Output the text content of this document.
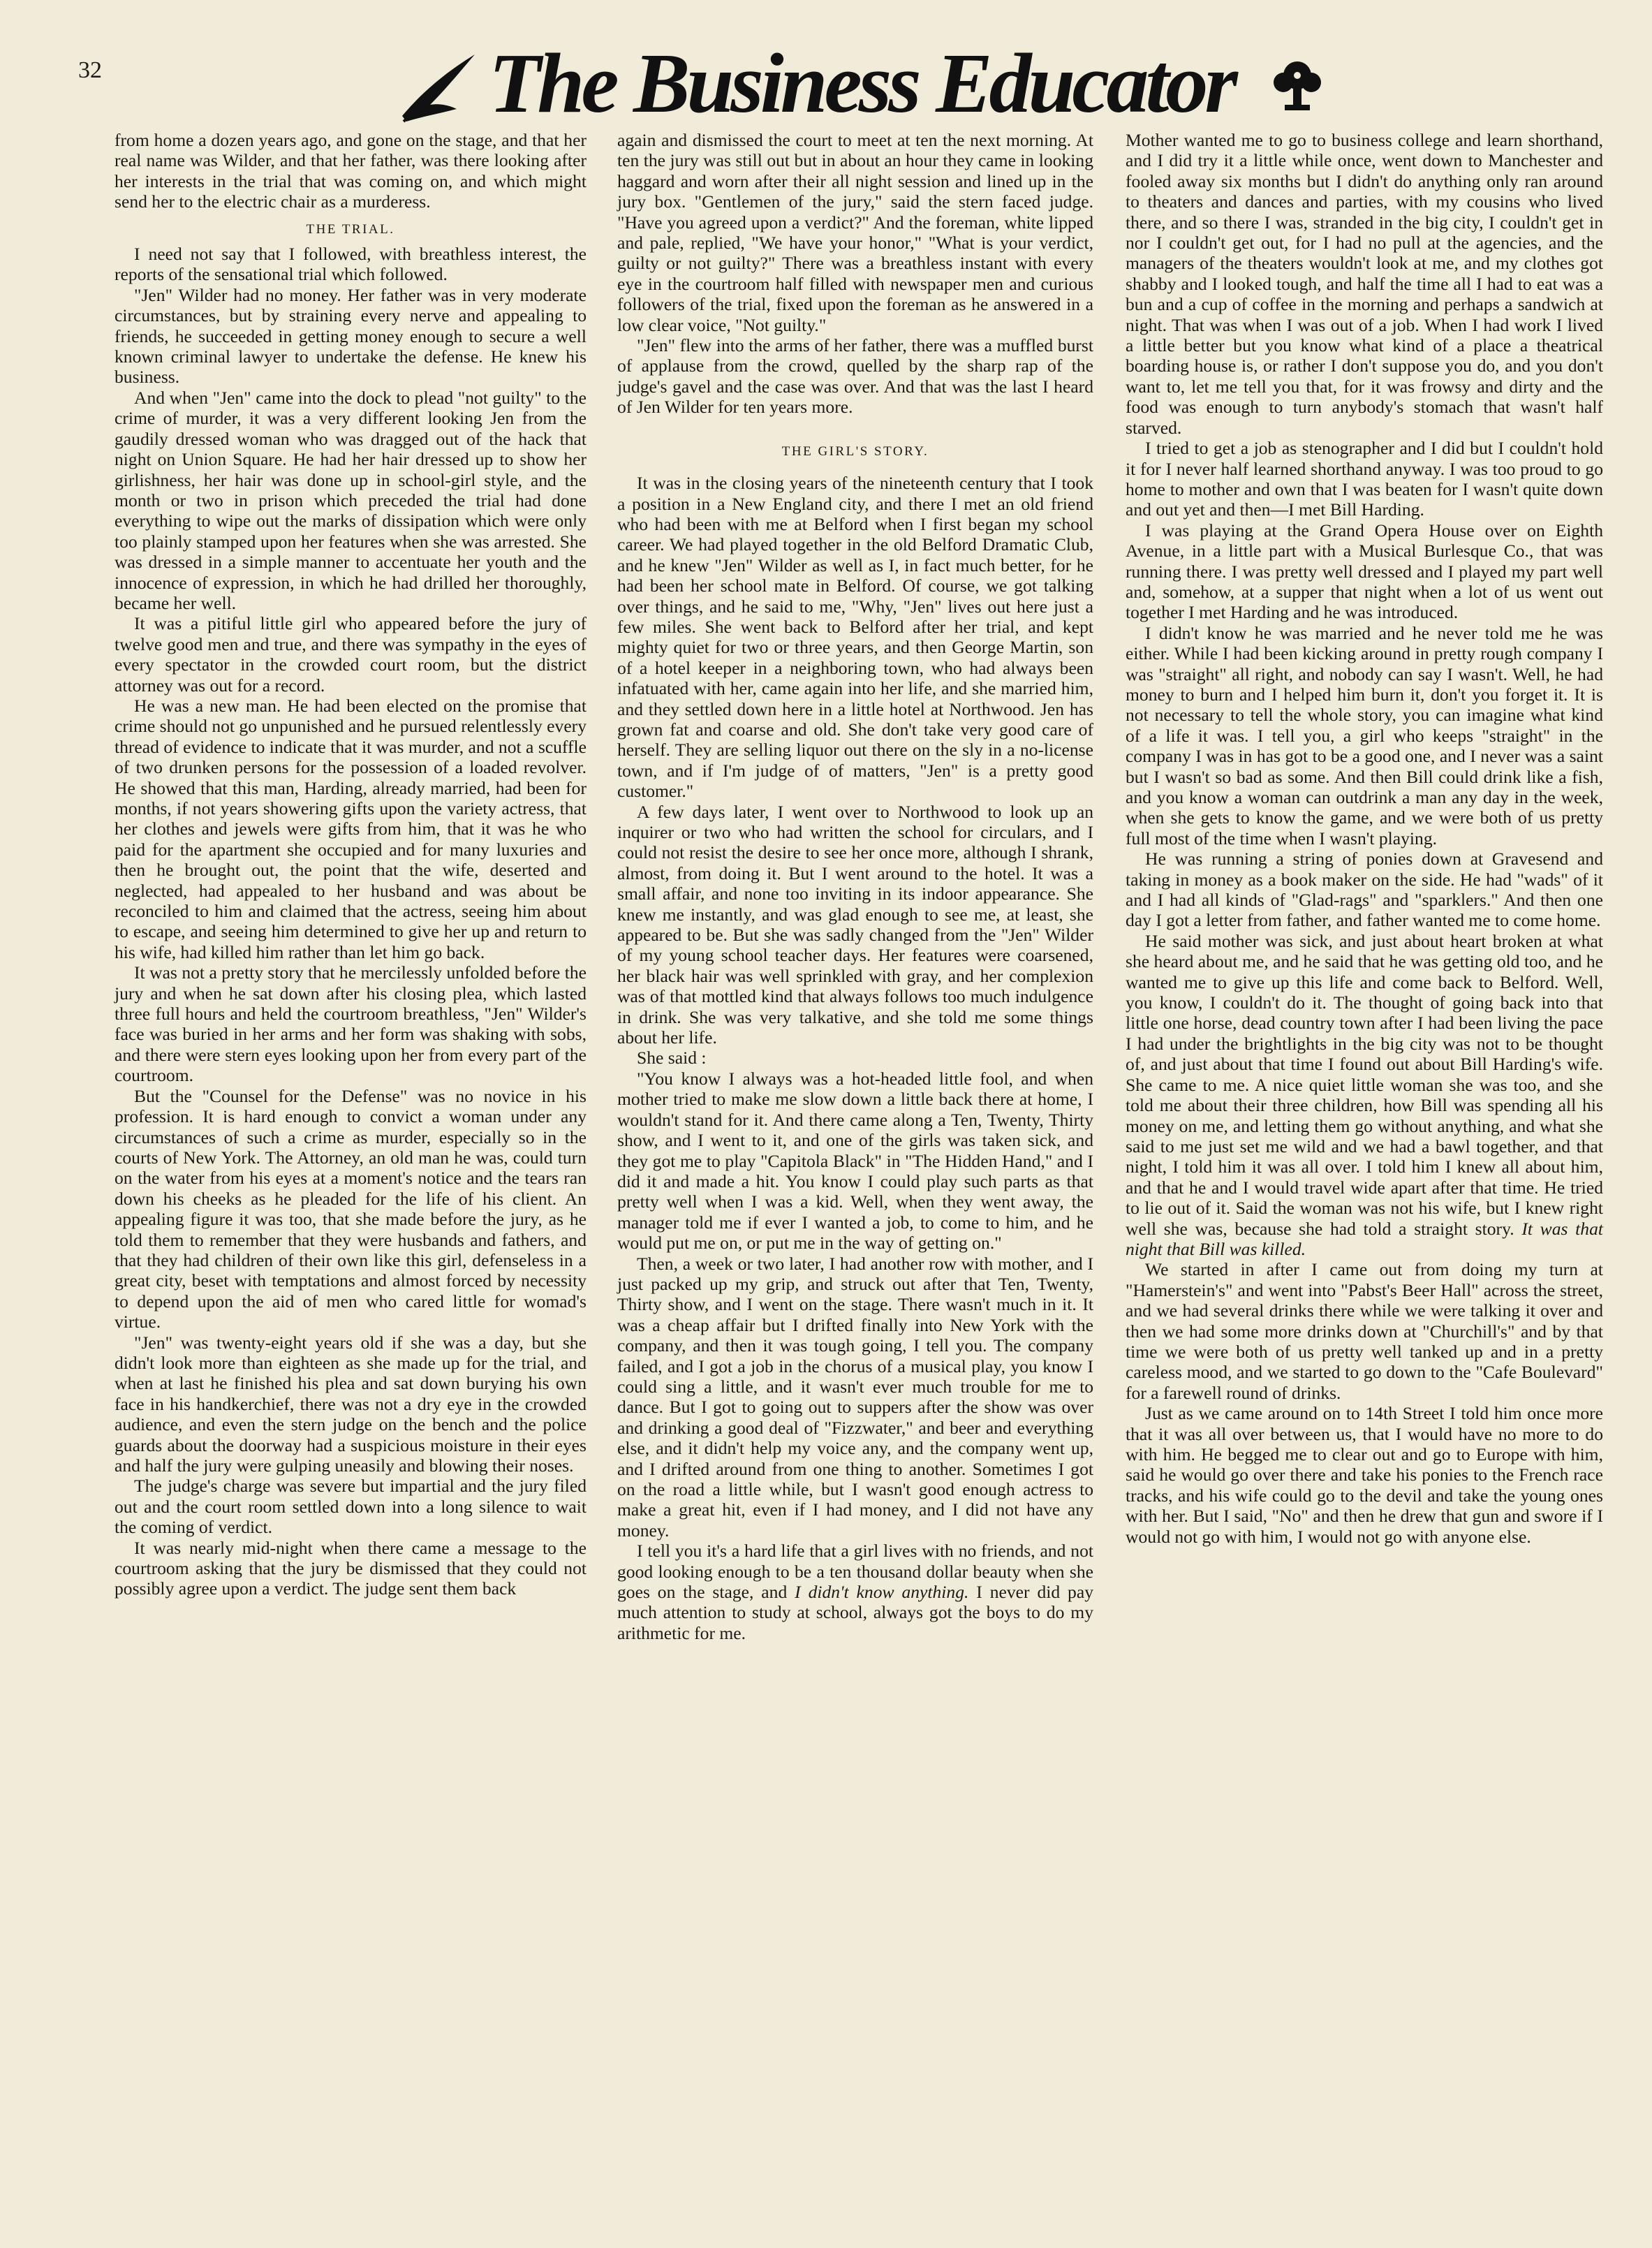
32	The Business Educator

from home a dozen years ago, and gone on the stage, and that her real name was Wilder, and that her father, was there looking after her interests in the trial that was coming on, and which might send her to the electric chair as a murderess.

THE TRIAL.

I need not say that I followed, with breathless interest, the reports of the sensational trial which followed.

"Jen" Wilder had no money. Her father was in very moderate circumstances, but by straining every nerve and appealing to friends, he succeeded in getting money enough to secure a well known criminal lawyer to undertake the defense. He knew his business.

And when "Jen" came into the dock to plead "not guilty" to the crime of murder, it was a very different looking Jen from the gaudily dressed woman who was dragged out of the hack that night on Union Square. He had her hair dressed up to show her girlishness, her hair was done up in school-girl style, and the month or two in prison which preceded the trial had done everything to wipe out the marks of dissipation which were only too plainly stamped upon her features when she was arrested. She was dressed in a simple manner to accentuate her youth and the innocence of expression, in which he had drilled her thoroughly, became her well.

It was a pitiful little girl who appeared before the jury of twelve good men and true, and there was sympathy in the eyes of every spectator in the crowded court room, but the district attorney was out for a record.

He was a new man. He had been elected on the promise that crime should not go unpunished and he pursued relentlessly every thread of evidence to indicate that it was murder, and not a scuffle of two drunken persons for the possession of a loaded revolver. He showed that this man, Harding, already married, had been for months, if not years showering gifts upon the variety actress, that her clothes and jewels were gifts from him, that it was he who paid for the apartment she occupied and for many luxuries and then he brought out, the point that the wife, deserted and neglected, had appealed to her husband and was about be reconciled to him and claimed that the actress, seeing him about to escape, and seeing him determined to give her up and return to his wife, had killed him rather than let him go back.

It was not a pretty story that he mercilessly unfolded before the jury and when he sat down after his closing plea, which lasted three full hours and held the courtroom breathless, "Jen" Wilder's face was buried in her arms and her form was shaking with sobs, and there were stern eyes looking upon her from every part of the courtroom.

But the "Counsel for the Defense" was no novice in his profession. It is hard enough to convict a woman under any circumstances of such a crime as murder, especially so in the courts of New York. The Attorney, an old man he was, could turn on the water from his eyes at a moment's notice and the tears ran down his cheeks as he pleaded for the life of his client. An appealing figure it was too, that she made before the jury, as he told them to remember that they were husbands and fathers, and that they had children of their own like this girl, defenseless in a great city, beset with temptations and almost forced by necessity to depend upon the aid of men who cared little for womad's virtue.

"Jen" was twenty-eight years old if she was a day, but she didn't look more than eighteen as she made up for the trial, and when at last he finished his plea and sat down burying his own face in his handkerchief, there was not a dry eye in the crowded audience, and even the stern judge on the bench and the police guards about the doorway had a suspicious moisture in their eyes and half the jury were gulping uneasily and blowing their noses.

The judge's charge was severe but impartial and the jury filed out and the court room settled down into a long silence to wait the coming of verdict.

It was nearly mid-night when there came a message to the courtroom asking that the jury be dismissed that they could not possibly agree upon a verdict. The judge sent them back

again and dismissed the court to meet at ten the next morning. At ten the jury was still out but in about an hour they came in looking haggard and worn after their all night session and lined up in the jury box. "Gentlemen of the jury," said the stern faced judge. "Have you agreed upon a verdict?" And the foreman, white lipped and pale, replied, "We have your honor," "What is your verdict, guilty or not guilty?" There was a breathless instant with every eye in the courtroom half filled with newspaper men and curious followers of the trial, fixed upon the foreman as he answered in a low clear voice, "Not guilty."

"Jen" flew into the arms of her father, there was a muffled burst of applause from the crowd, quelled by the sharp rap of the judge's gavel and the case was over. And that was the last I heard of Jen Wilder for ten years more.

THE GIRL'S STORY.

It was in the closing years of the nineteenth century that I took a position in a New England city, and there I met an old friend who had been with me at Belford when I first began my school career. We had played together in the old Belford Dramatic Club, and he knew "Jen" Wilder as well as I, in fact much better, for he had been her school mate in Belford. Of course, we got talking over things, and he said to me, "Why, "Jen" lives out here just a few miles. She went back to Belford after her trial, and kept mighty quiet for two or three years, and then George Martin, son of a hotel keeper in a neighboring town, who had always been infatuated with her, came again into her life, and she married him, and they settled down here in a little hotel at Northwood. Jen has grown fat and coarse and old. She don't take very good care of herself. They are selling liquor out there on the sly in a no-license town, and if I'm judge of of matters, "Jen" is a pretty good customer."

A few days later, I went over to Northwood to look up an inquirer or two who had written the school for circulars, and I could not resist the desire to see her once more, although I shrank, almost, from doing it. But I went around to the hotel. It was a small affair, and none too inviting in its indoor appearance. She knew me instantly, and was glad enough to see me, at least, she appeared to be. But she was sadly changed from the "Jen" Wilder of my young school teacher days. Her features were coarsened, her black hair was well sprinkled with gray, and her complexion was of that mottled kind that always follows too much indulgence in drink. She was very talkative, and she told me some things about her life.

She said :

"You know I always was a hot-headed little fool, and when mother tried to make me slow down a little back there at home, I wouldn't stand for it. And there came along a Ten, Twenty, Thirty show, and I went to it, and one of the girls was taken sick, and they got me to play "Capitola Black" in "The Hidden Hand," and I did it and made a hit. You know I could play such parts as that pretty well when I was a kid. Well, when they went away, the manager told me if ever I wanted a job, to come to him, and he would put me on, or put me in the way of getting on."

Then, a week or two later, I had another row with mother, and I just packed up my grip, and struck out after that Ten, Twenty, Thirty show, and I went on the stage. There wasn't much in it. It was a cheap affair but I drifted finally into New York with the company, and then it was tough going, I tell you. The company failed, and I got a job in the chorus of a musical play, you know I could sing a little, and it wasn't ever much trouble for me to dance. But I got to going out to suppers after the show was over and drinking a good deal of "Fizzwater," and beer and everything else, and it didn't help my voice any, and the company went up, and I drifted around from one thing to another. Sometimes I got on the road a little while, but I wasn't good enough actress to make a great hit, even if I had money, and I did not have any money.

I tell you it's a hard life that a girl lives with no friends, and not good looking enough to be a ten thousand dollar beauty when she goes on the stage, and I didn't know anything. I never did pay much attention to study at school, always got the boys to do my arithmetic for me.

Mother wanted me to go to business college and learn shorthand, and I did try it a little while once, went down to Manchester and fooled away six months but I didn't do anything only ran around to theaters and dances and parties, with my cousins who lived there, and so there I was, stranded in the big city, I couldn't get in nor I couldn't get out, for I had no pull at the agencies, and the managers of the theaters wouldn't look at me, and my clothes got shabby and I looked tough, and half the time all I had to eat was a bun and a cup of coffee in the morning and perhaps a sandwich at night. That was when I was out of a job. When I had work I lived a little better but you know what kind of a place a theatrical boarding house is, or rather I don't suppose you do, and you don't want to, let me tell you that, for it was frowsy and dirty and the food was enough to turn anybody's stomach that wasn't half starved.

I tried to get a job as stenographer and I did but I couldn't hold it for I never half learned shorthand anyway. I was too proud to go home to mother and own that I was beaten for I wasn't quite down and out yet and then—I met Bill Harding.

I was playing at the Grand Opera House over on Eighth Avenue, in a little part with a Musical Burlesque Co., that was running there. I was pretty well dressed and I played my part well and, somehow, at a supper that night when a lot of us went out together I met Harding and he was introduced.

I didn't know he was married and he never told me he was either. While I had been kicking around in pretty rough company I was "straight" all right, and nobody can say I wasn't. Well, he had money to burn and I helped him burn it, don't you forget it. It is not necessary to tell the whole story, you can imagine what kind of a life it was. I tell you, a girl who keeps "straight" in the company I was in has got to be a good one, and I never was a saint but I wasn't so bad as some. And then Bill could drink like a fish, and you know a woman can outdrink a man any day in the week, when she gets to know the game, and we were both of us pretty full most of the time when I wasn't playing.

He was running a string of ponies down at Gravesend and taking in money as a book maker on the side. He had "wads" of it and I had all kinds of "Glad-rags" and "sparklers." And then one day I got a letter from father, and father wanted me to come home.

He said mother was sick, and just about heart broken at what she heard about me, and he said that he was getting old too, and he wanted me to give up this life and come back to Belford. Well, you know, I couldn't do it. The thought of going back into that little one horse, dead country town after I had been living the pace I had under the brightlights in the big city was not to be thought of, and just about that time I found out about Bill Harding's wife. She came to me. A nice quiet little woman she was too, and she told me about their three children, how Bill was spending all his money on me, and letting them go without anything, and what she said to me just set me wild and we had a bawl together, and that night, I told him it was all over. I told him I knew all about him, and that he and I would travel wide apart after that time. He tried to lie out of it. Said the woman was not his wife, but I knew right well she was, because she had told a straight story. It was that night that Bill was killed.

We started in after I came out from doing my turn at "Hamerstein's" and went into "Pabst's Beer Hall" across the street, and we had several drinks there while we were talking it over and then we had some more drinks down at "Churchill's" and by that time we were both of us pretty well tanked up and in a pretty careless mood, and we started to go down to the "Cafe Boulevard" for a farewell round of drinks.

Just as we came around on to 14th Street I told him once more that it was all over between us, that I would have no more to do with him. He begged me to clear out and go to Europe with him, said he would go over there and take his ponies to the French race tracks, and his wife could go to the devil and take the young ones with her. But I said, "No" and then he drew that gun and swore if I would not go with him, I would not go with anyone else.
